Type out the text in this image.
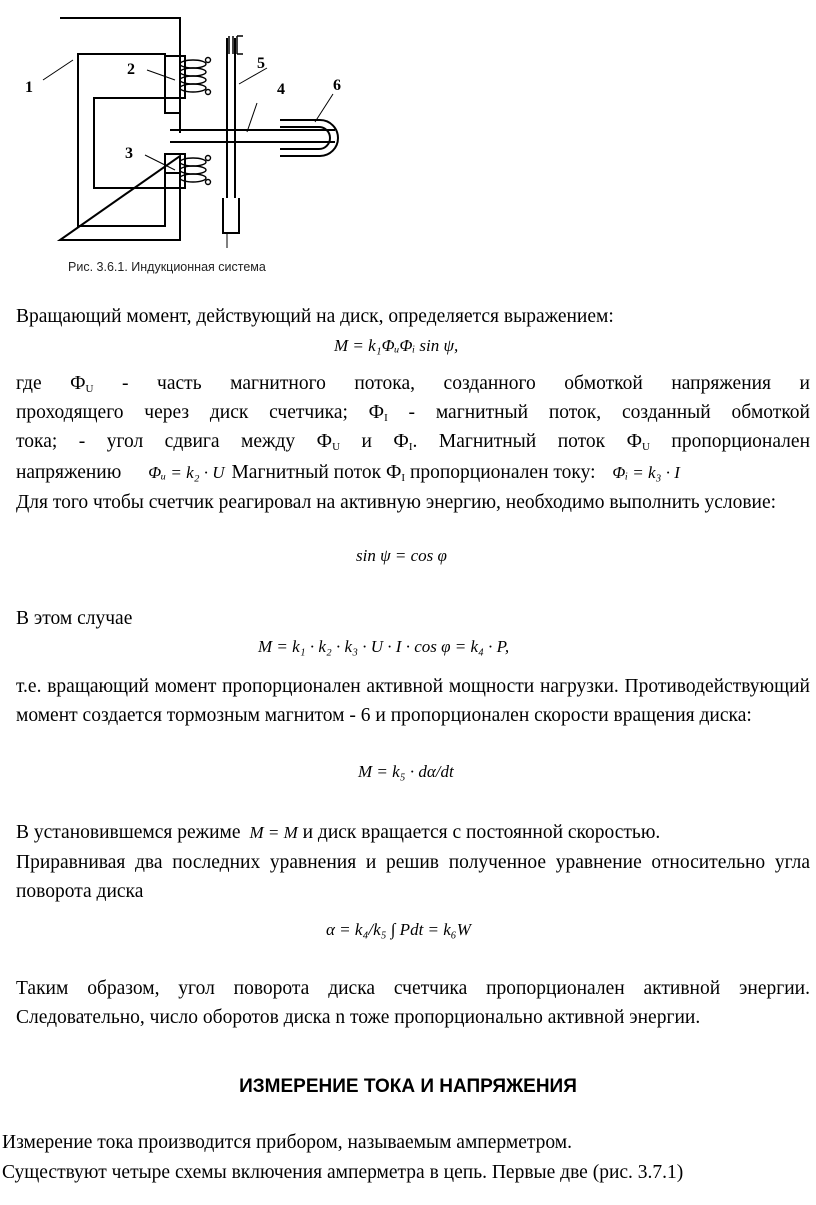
1
2
3
4
5
6
Рис. 3.6.1. Индукционная система
Вращающий момент, действующий на диск, определяется выражением:
M = k₁ΦᵤΦᵢ sin ψ,
где $Ф_U$ - часть магнитного потока, созданного обмоткой напряжения и
проходящего через диск счетчика; $Ф_I$ - магнитный поток, созданный обмоткой
тока; - угол сдвига между $Ф_U$ и $Ф_I$. Магнитный поток $Ф_U$ пропорционален
напряжению Φᵤ = k₂ · U Магнитный поток $Ф_I$ пропорционален току: Φᵢ = k₃ · I
Для того чтобы счетчик реагировал на активную энергию, необходимо выполнить условие:
sin ψ = cos φ
В этом случае
M = k₁ · k₂ · k₃ · U · I · cos φ = k₄ · P,
т.е. вращающий момент пропорционален активной мощности нагрузки. Противодействующий момент создается тормозным магнитом - 6 и пропорционален скорости вращения диска:
M = k₅ · dα/dt
В установившемся режиме M = M и диск вращается с постоянной скоростью.
Приравнивая два последних уравнения и решив полученное уравнение относительно угла поворота диска
α = k₄/k₅ ∫ Pdt = k₆W
Таким образом, угол поворота диска счетчика пропорционален активной энергии. Следовательно, число оборотов диска n тоже пропорционально активной энергии.
ИЗМЕРЕНИЕ ТОКА И НАПРЯЖЕНИЯ
Измерение тока производится прибором, называемым амперметром.
Существуют четыре схемы включения амперметра в цепь. Первые две (рис. 3.7.1)
